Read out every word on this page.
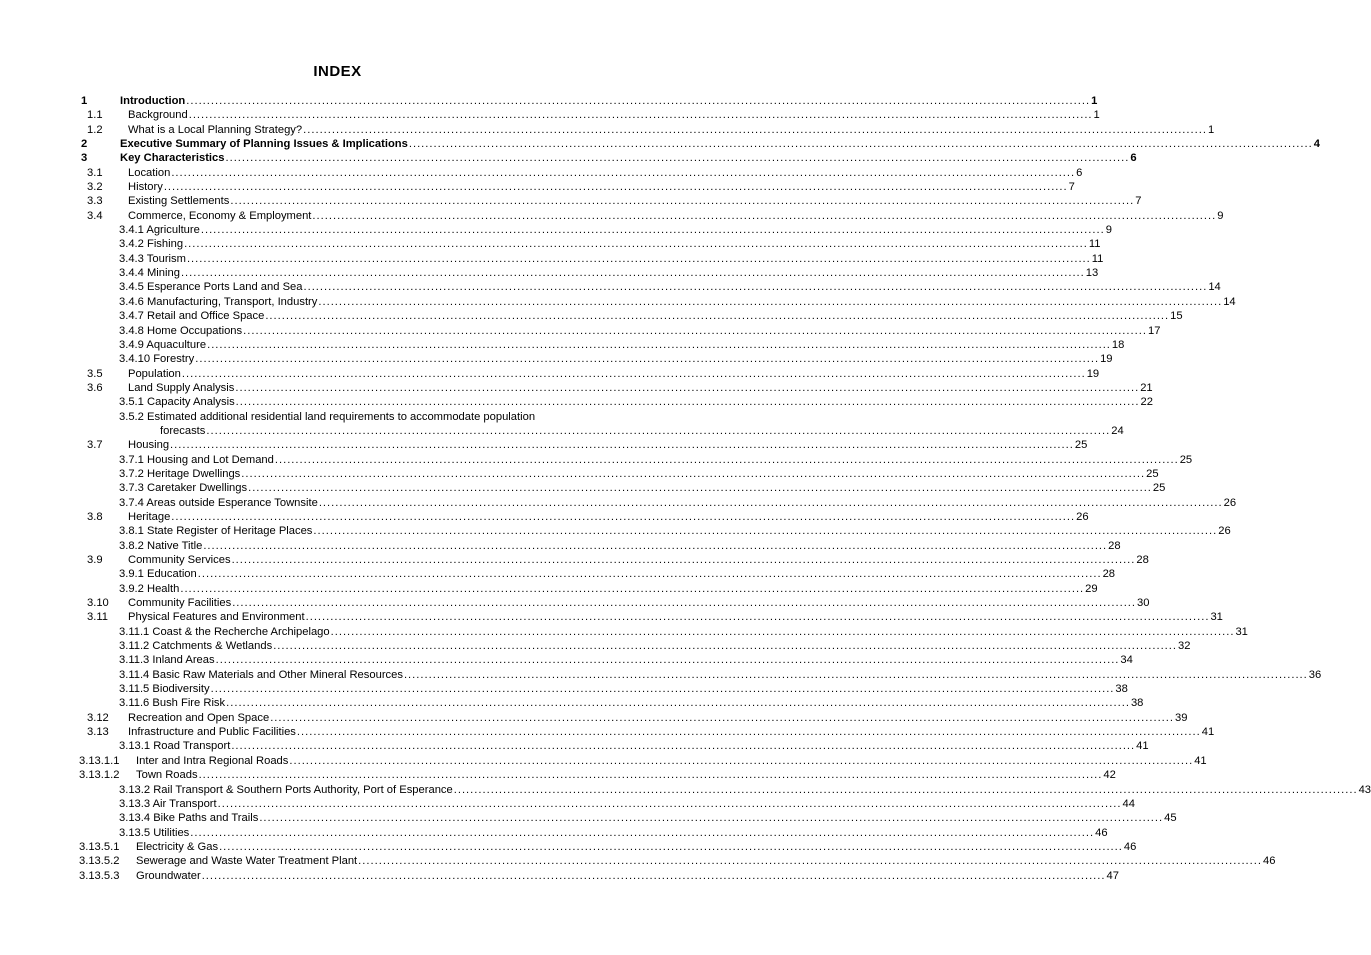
INDEX
1	Introduction ............................................................................................................................................................................................................................ 1
1.1 Background ............................................................................................................................................................................................................................ 1
1.2 What is a Local Planning Strategy? ............................................................................................................................................................................................................................ 1
2	Executive Summary of Planning Issues & Implications ............................................................................................................................................................................................................................ 4
3	Key Characteristics ............................................................................................................................................................................................................................ 6
3.1 Location ............................................................................................................................................................................................................................ 6
3.2 History ............................................................................................................................................................................................................................ 7
3.3 Existing Settlements ............................................................................................................................................................................................................................ 7
3.4 Commerce, Economy & Employment ............................................................................................................................................................................................................................ 9
3.4.1 Agriculture ............................................................................................................................................................................................................................ 9
3.4.2 Fishing ............................................................................................................................................................................................................................ 11
3.4.3 Tourism ............................................................................................................................................................................................................................ 11
3.4.4 Mining ............................................................................................................................................................................................................................ 13
3.4.5 Esperance Ports Land and Sea ............................................................................................................................................................................................................................ 14
3.4.6 Manufacturing, Transport, Industry ............................................................................................................................................................................................................................ 14
3.4.7 Retail and Office Space ............................................................................................................................................................................................................................ 15
3.4.8 Home Occupations ............................................................................................................................................................................................................................ 17
3.4.9 Aquaculture ............................................................................................................................................................................................................................ 18
3.4.10 Forestry ............................................................................................................................................................................................................................ 19
3.5 Population ............................................................................................................................................................................................................................ 19
3.6 Land Supply Analysis ............................................................................................................................................................................................................................ 21
3.5.1 Capacity Analysis ............................................................................................................................................................................................................................ 22
3.5.2 Estimated additional residential land requirements to accommodate population
forecasts ............................................................................................................................................................................................................................ 24
3.7 Housing ............................................................................................................................................................................................................................ 25
3.7.1 Housing and Lot Demand ............................................................................................................................................................................................................................ 25
3.7.2 Heritage Dwellings ............................................................................................................................................................................................................................ 25
3.7.3 Caretaker Dwellings ............................................................................................................................................................................................................................ 25
3.7.4 Areas outside Esperance Townsite ............................................................................................................................................................................................................................ 26
3.8 Heritage ............................................................................................................................................................................................................................ 26
3.8.1 State Register of Heritage Places ............................................................................................................................................................................................................................ 26
3.8.2 Native Title ............................................................................................................................................................................................................................ 28
3.9 Community Services ............................................................................................................................................................................................................................ 28
3.9.1 Education ............................................................................................................................................................................................................................ 28
3.9.2 Health ............................................................................................................................................................................................................................ 29
3.10 Community Facilities ............................................................................................................................................................................................................................ 30
3.11 Physical Features and Environment ............................................................................................................................................................................................................................ 31
3.11.1 Coast & the Recherche Archipelago ............................................................................................................................................................................................................................ 31
3.11.2 Catchments & Wetlands ............................................................................................................................................................................................................................ 32
3.11.3 Inland Areas ............................................................................................................................................................................................................................ 34
3.11.4 Basic Raw Materials and Other Mineral Resources ............................................................................................................................................................................................................................ 36
3.11.5 Biodiversity ............................................................................................................................................................................................................................ 38
3.11.6 Bush Fire Risk ............................................................................................................................................................................................................................ 38
3.12 Recreation and Open Space ............................................................................................................................................................................................................................ 39
3.13 Infrastructure and Public Facilities ............................................................................................................................................................................................................................ 41
3.13.1 Road Transport ............................................................................................................................................................................................................................ 41
3.13.1.1 Inter and Intra Regional Roads ............................................................................................................................................................................................................................ 41
3.13.1.2 Town Roads ............................................................................................................................................................................................................................ 42
3.13.2 Rail Transport & Southern Ports Authority, Port of Esperance ............................................................................................................................................................................................................................ 43
3.13.3 Air Transport ............................................................................................................................................................................................................................ 44
3.13.4 Bike Paths and Trails ............................................................................................................................................................................................................................ 45
3.13.5 Utilities ............................................................................................................................................................................................................................ 46
3.13.5.1 Electricity & Gas ............................................................................................................................................................................................................................ 46
3.13.5.2 Sewerage and Waste Water Treatment Plant ............................................................................................................................................................................................................................ 46
3.13.5.3 Groundwater ............................................................................................................................................................................................................................ 47
